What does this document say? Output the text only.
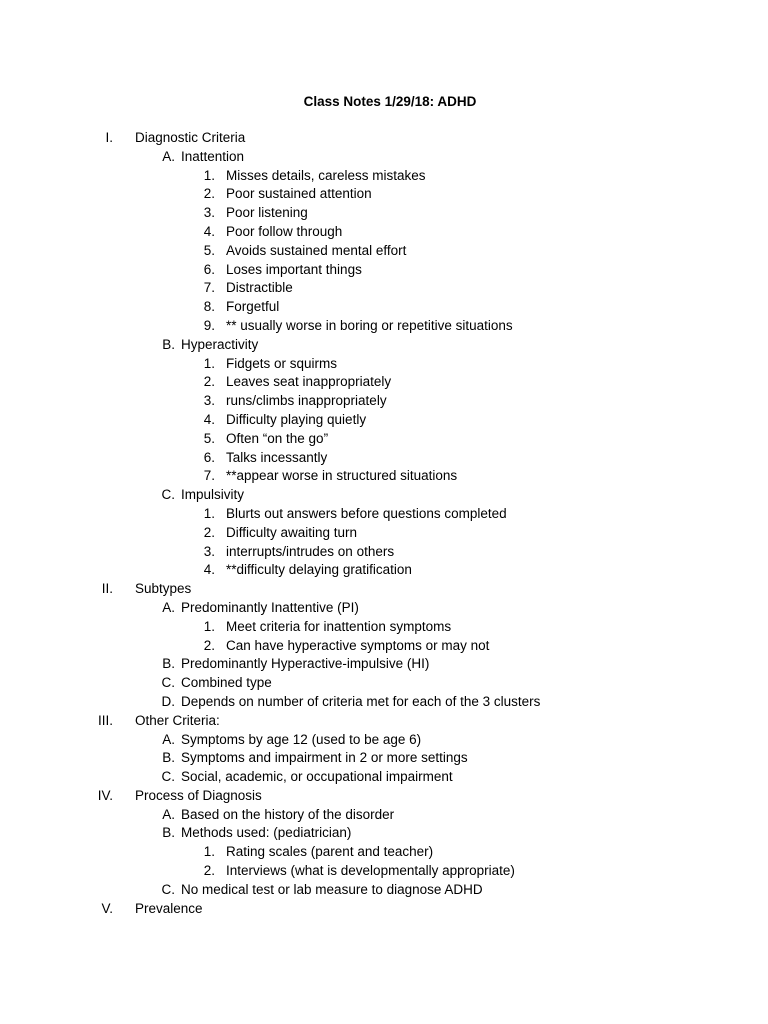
Class Notes 1/29/18: ADHD
I. Diagnostic Criteria
A. Inattention
1. Misses details, careless mistakes
2. Poor sustained attention
3. Poor listening
4. Poor follow through
5. Avoids sustained mental effort
6. Loses important things
7. Distractible
8. Forgetful
9. ** usually worse in boring or repetitive situations
B. Hyperactivity
1. Fidgets or squirms
2. Leaves seat inappropriately
3. runs/climbs inappropriately
4. Difficulty playing quietly
5. Often “on the go”
6. Talks incessantly
7. **appear worse in structured situations
C. Impulsivity
1. Blurts out answers before questions completed
2. Difficulty awaiting turn
3. interrupts/intrudes on others
4. **difficulty delaying gratification
II. Subtypes
A. Predominantly Inattentive (PI)
1. Meet criteria for inattention symptoms
2. Can have hyperactive symptoms or may not
B. Predominantly Hyperactive-impulsive (HI)
C. Combined type
D. Depends on number of criteria met for each of the 3 clusters
III. Other Criteria:
A. Symptoms by age 12 (used to be age 6)
B. Symptoms and impairment in 2 or more settings
C. Social, academic, or occupational impairment
IV. Process of Diagnosis
A. Based on the history of the disorder
B. Methods used: (pediatrician)
1. Rating scales (parent and teacher)
2. Interviews (what is developmentally appropriate)
C. No medical test or lab measure to diagnose ADHD
V. Prevalence
